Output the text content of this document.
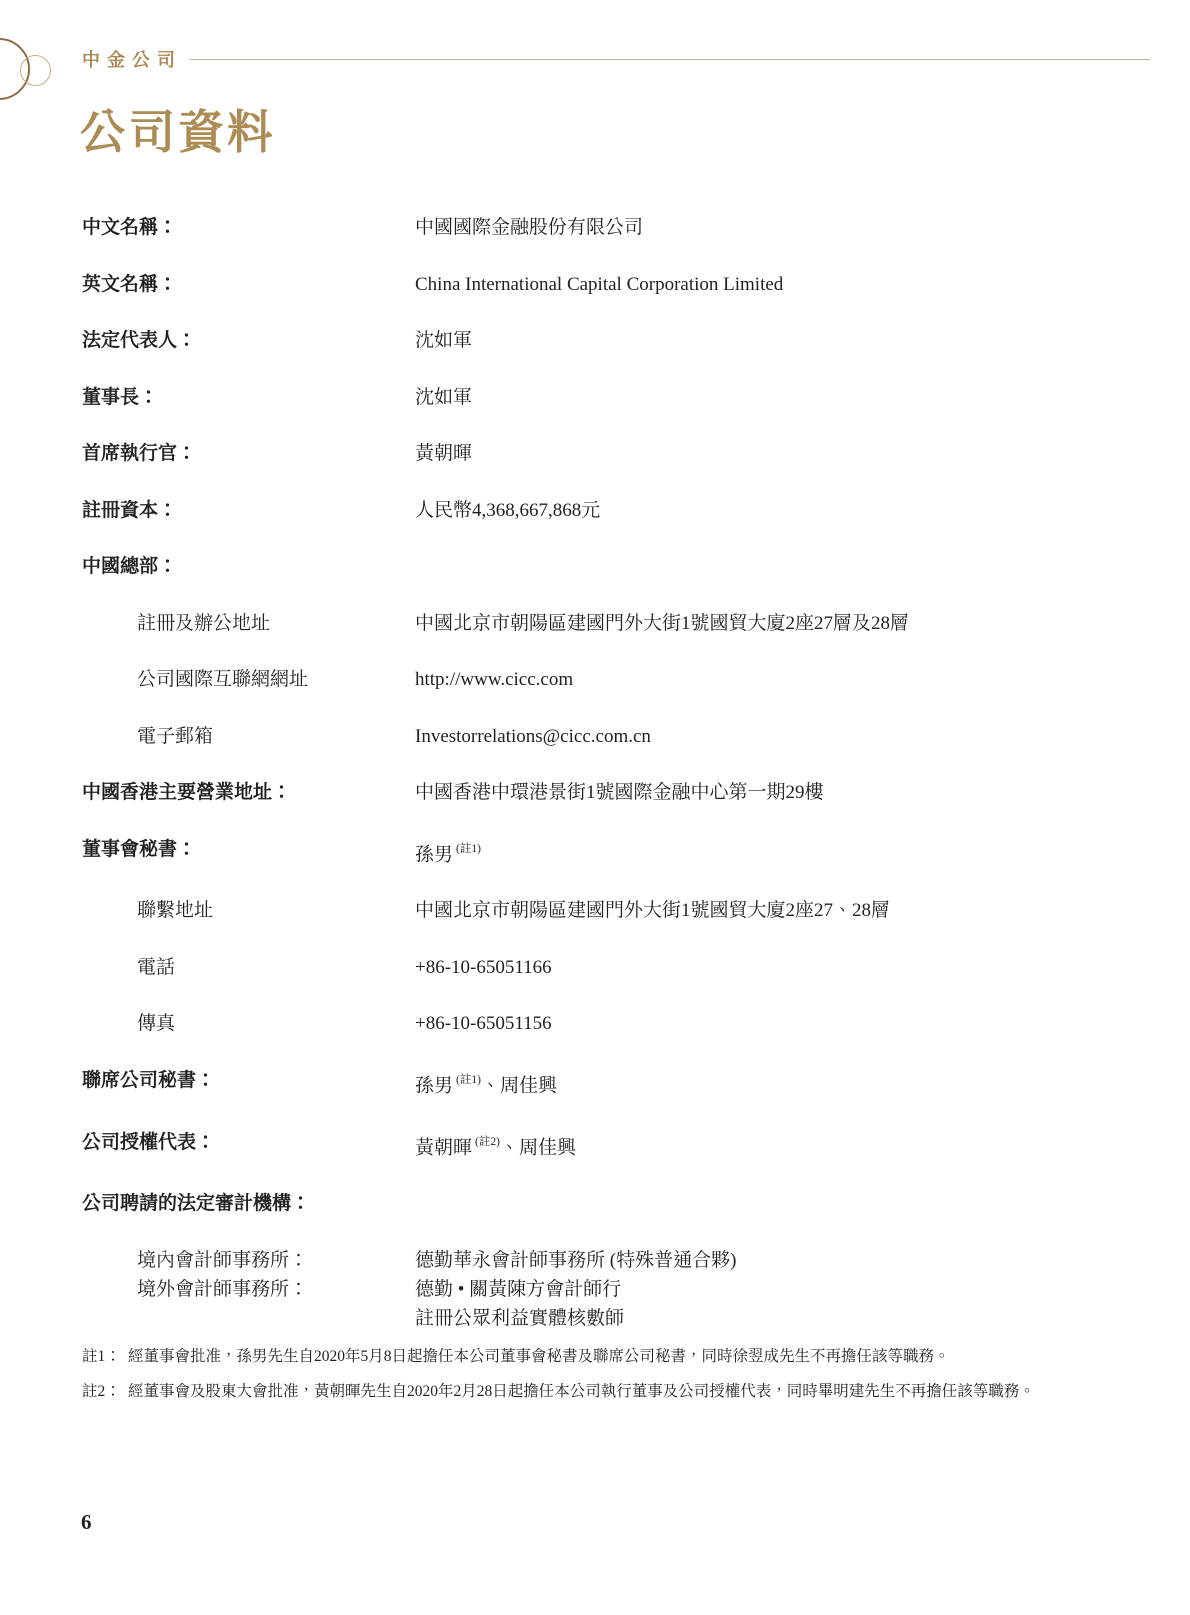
中金公司
公司資料
中文名稱：	中國國際金融股份有限公司
英文名稱：	China International Capital Corporation Limited
法定代表人：	沈如軍
董事長：	沈如軍
首席執行官：	黃朝暉
註冊資本：	人民幣4,368,667,868元
中國總部：
註冊及辦公地址	中國北京市朝陽區建國門外大街1號國貿大廈2座27層及28層
公司國際互聯網網址	http://www.cicc.com
電子郵箱	Investorrelations@cicc.com.cn
中國香港主要營業地址：	中國香港中環港景街1號國際金融中心第一期29樓
董事會秘書：	孫男 $^{(註1)}$
聯繫地址	中國北京市朝陽區建國門外大街1號國貿大廈2座27、28層
電話	+86-10-65051166
傳真	+86-10-65051156
聯席公司秘書：	孫男 $^{(註1)}$、周佳興
公司授權代表：	黃朝暉 $^{(註2)}$、周佳興
公司聘請的法定審計機構：
境內會計師事務所：	德勤華永會計師事務所 (特殊普通合夥)
境外會計師事務所：	德勤 • 關黃陳方會計師行
註冊公眾利益實體核數師
註1： 經董事會批准，孫男先生自2020年5月8日起擔任本公司董事會秘書及聯席公司秘書，同時徐翌成先生不再擔任該等職務。
註2： 經董事會及股東大會批准，黃朝暉先生自2020年2月28日起擔任本公司執行董事及公司授權代表，同時畢明建先生不再擔任該等職務。
6
